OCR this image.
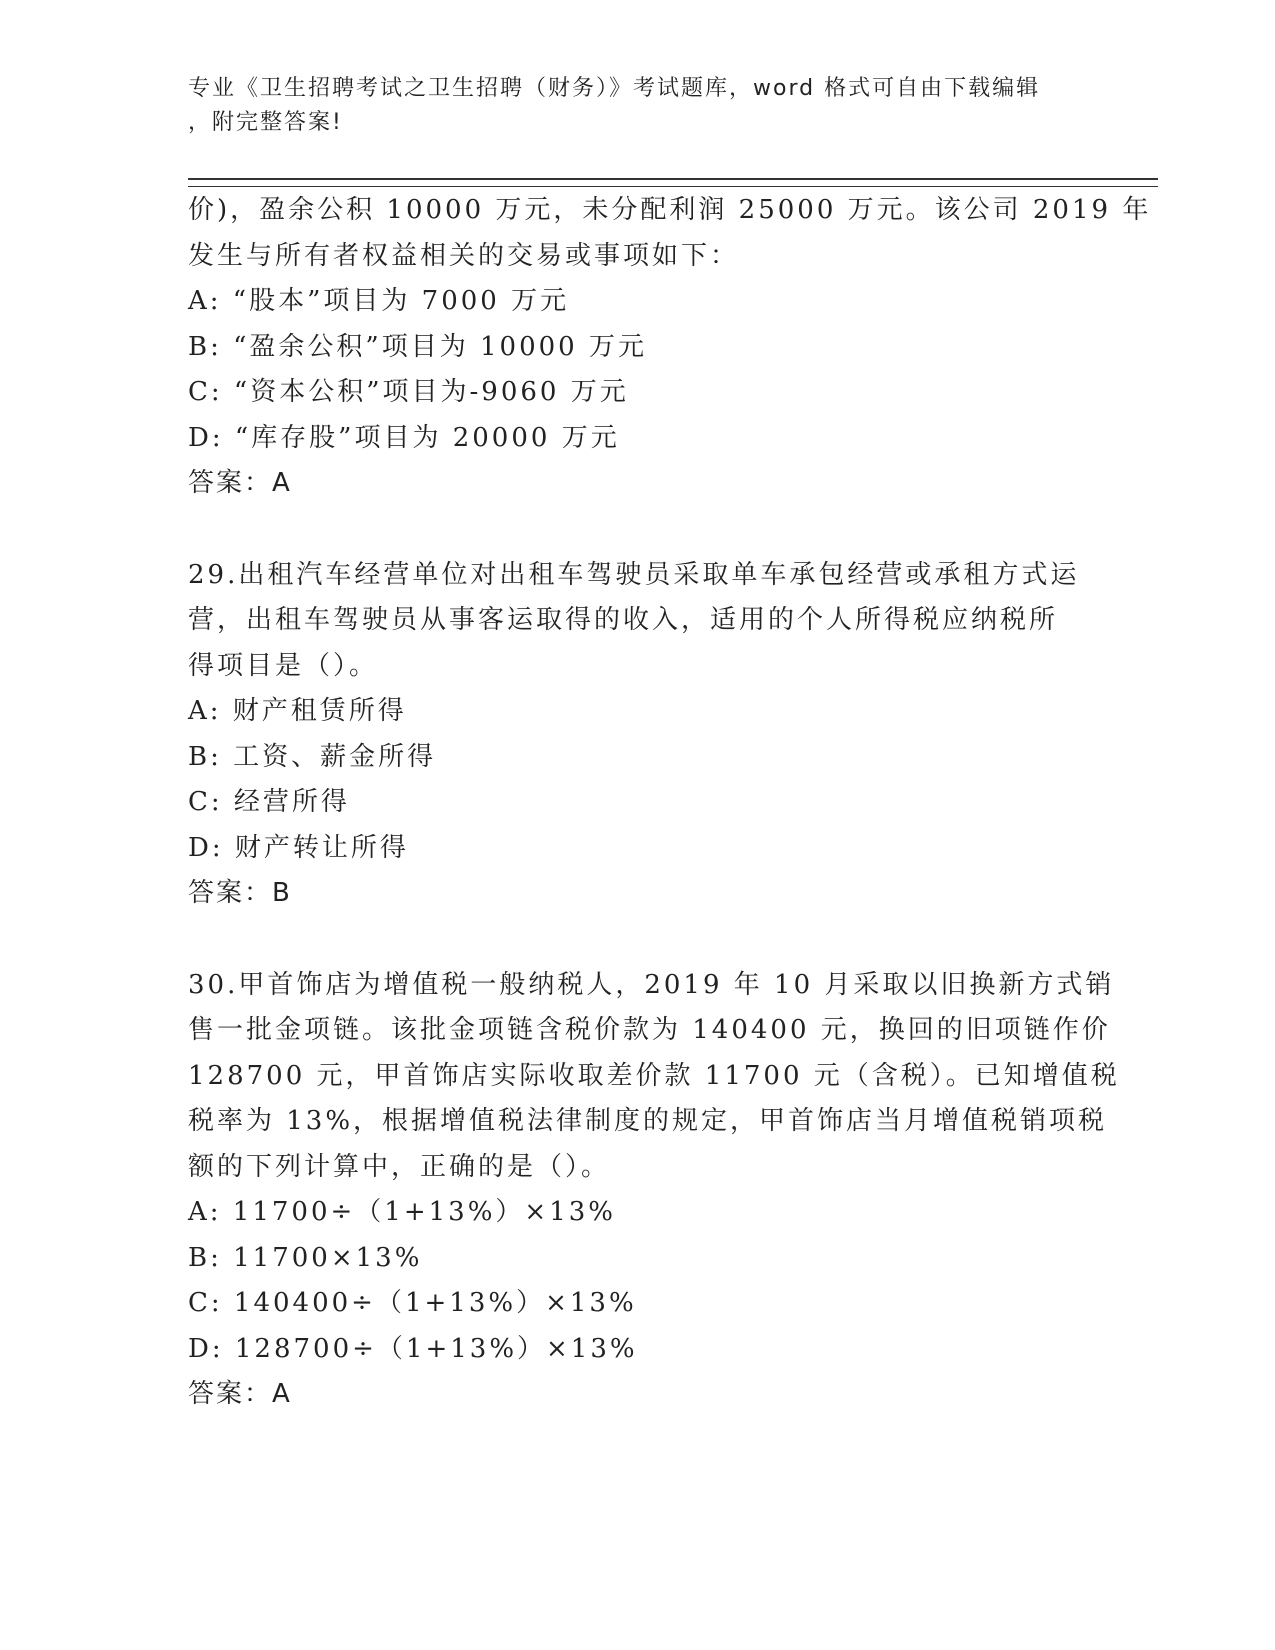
专业《卫生招聘考试之卫生招聘（财务）》考试题库，word 格式可自由下载编辑
，附完整答案!
价)，盈余公积 10000 万元，未分配利润 25000 万元。该公司 2019 年
发生与所有者权益相关的交易或事项如下：
A: “股本”项目为 7000 万元
B: “盈余公积”项目为 10000 万元
C: “资本公积”项目为-9060 万元
D: “库存股”项目为 20000 万元
答案：A
29.出租汽车经营单位对出租车驾驶员采取单车承包经营或承租方式运
营，出租车驾驶员从事客运取得的收入，适用的个人所得税应纳税所
得项目是（）。
A: 财产租赁所得
B: 工资、薪金所得
C: 经营所得
D: 财产转让所得
答案：B
30.甲首饰店为增值税一般纳税人，2019 年 10 月采取以旧换新方式销
售一批金项链。该批金项链含税价款为 140400 元，换回的旧项链作价
128700 元，甲首饰店实际收取差价款 11700 元（含税）。已知增值税
税率为 13%，根据增值税法律制度的规定，甲首饰店当月增值税销项税
额的下列计算中，正确的是（）。
A: 11700÷（1+13%）×13%
B: 11700×13%
C: 140400÷（1+13%）×13%
D: 128700÷（1+13%）×13%
答案：A
